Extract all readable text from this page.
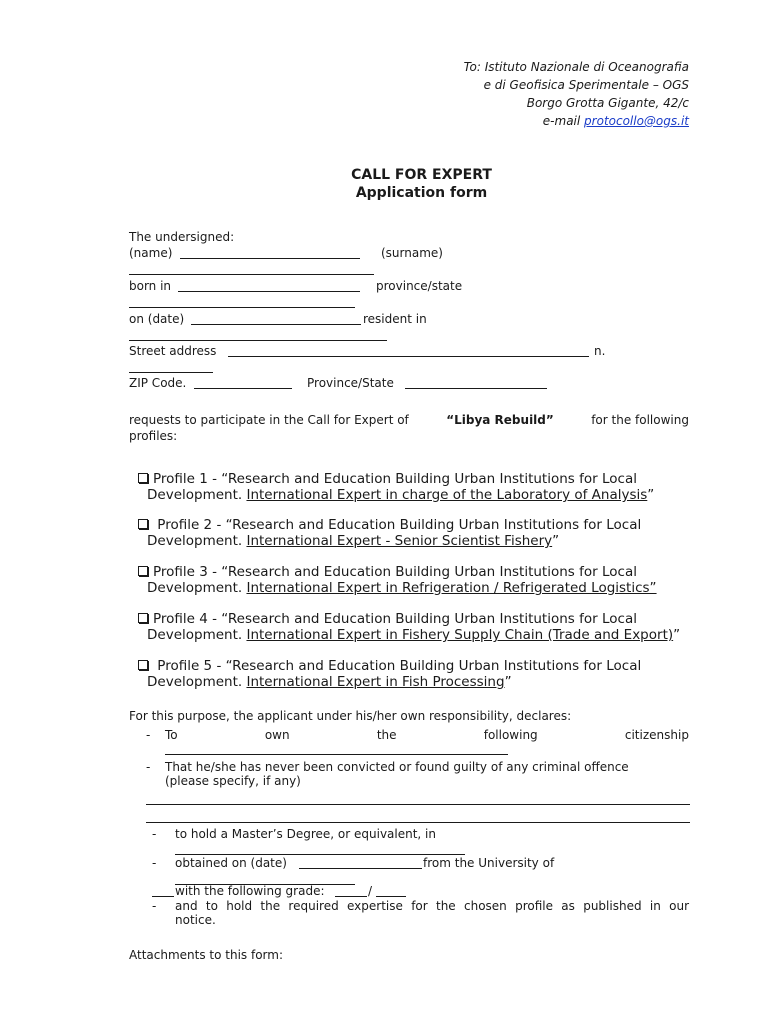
To: Istituto Nazionale di Oceanografia
e di Geofisica Sperimentale – OGS
Borgo Grotta Gigante, 42/c
e-mail protocollo@ogs.it
CALL FOR EXPERT
Application form
The undersigned:
(name)	(surname)
born in	province/state
on (date)	resident in
Street address	n.
ZIP Code.	Province/State
requests to participate in the Call for Expert of	“Libya Rebuild”	for the following
profiles:
Profile 1 - “Research and Education Building Urban Institutions for Local
Development. International Expert in charge of the Laboratory of Analysis”
Profile 2 - “Research and Education Building Urban Institutions for Local
Development. International Expert - Senior Scientist Fishery”
Profile 3 - “Research and Education Building Urban Institutions for Local
Development. International Expert in Refrigeration / Refrigerated Logistics”
Profile 4 - “Research and Education Building Urban Institutions for Local
Development. International Expert in Fishery Supply Chain (Trade and Export)”
Profile 5 - “Research and Education Building Urban Institutions for Local
Development. International Expert in Fish Processing”
For this purpose, the applicant under his/her own responsibility, declares:
- To	own	the	following	citizenship
- That he/she has never been convicted or found guilty of any criminal offence
(please specify, if any)
- to hold a Master’s Degree, or equivalent, in
- obtained on (date)	from the University of
with the following grade:	/
- and to hold the required expertise for the chosen profile as published in our
notice.
Attachments to this form:
